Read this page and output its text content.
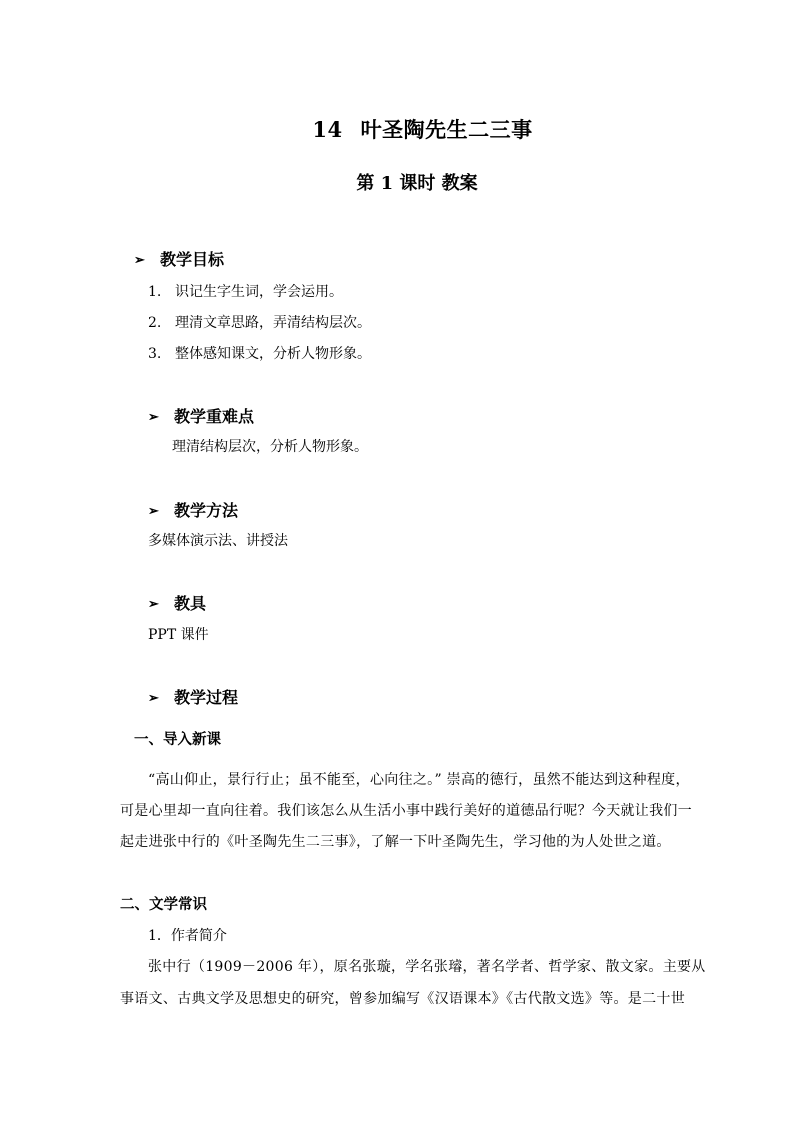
14 叶圣陶先生二三事
第 1 课时 教案
➢ 教学目标
1. 识记生字生词，学会运用。
2. 理清文章思路，弄清结构层次。
3. 整体感知课文，分析人物形象。
➢ 教学重难点
理清结构层次，分析人物形象。
➢ 教学方法
多媒体演示法、讲授法
➢ 教具
PPT 课件
➢ 教学过程
一、导入新课
“高山仰止，景行行止；虽不能至，心向往之。” 崇高的德行，虽然不能达到这种程度，
可是心里却一直向往着。我们该怎么从生活小事中践行美好的道德品行呢？今天就让我们一
起走进张中行的《叶圣陶先生二三事》，了解一下叶圣陶先生，学习他的为人处世之道。
二、文学常识
1．作者简介
张中行（1909－2006 年），原名张璇，学名张璿，著名学者、哲学家、散文家。主要从
事语文、古典文学及思想史的研究，曾参加编写《汉语课本》《古代散文选》等。是二十世
